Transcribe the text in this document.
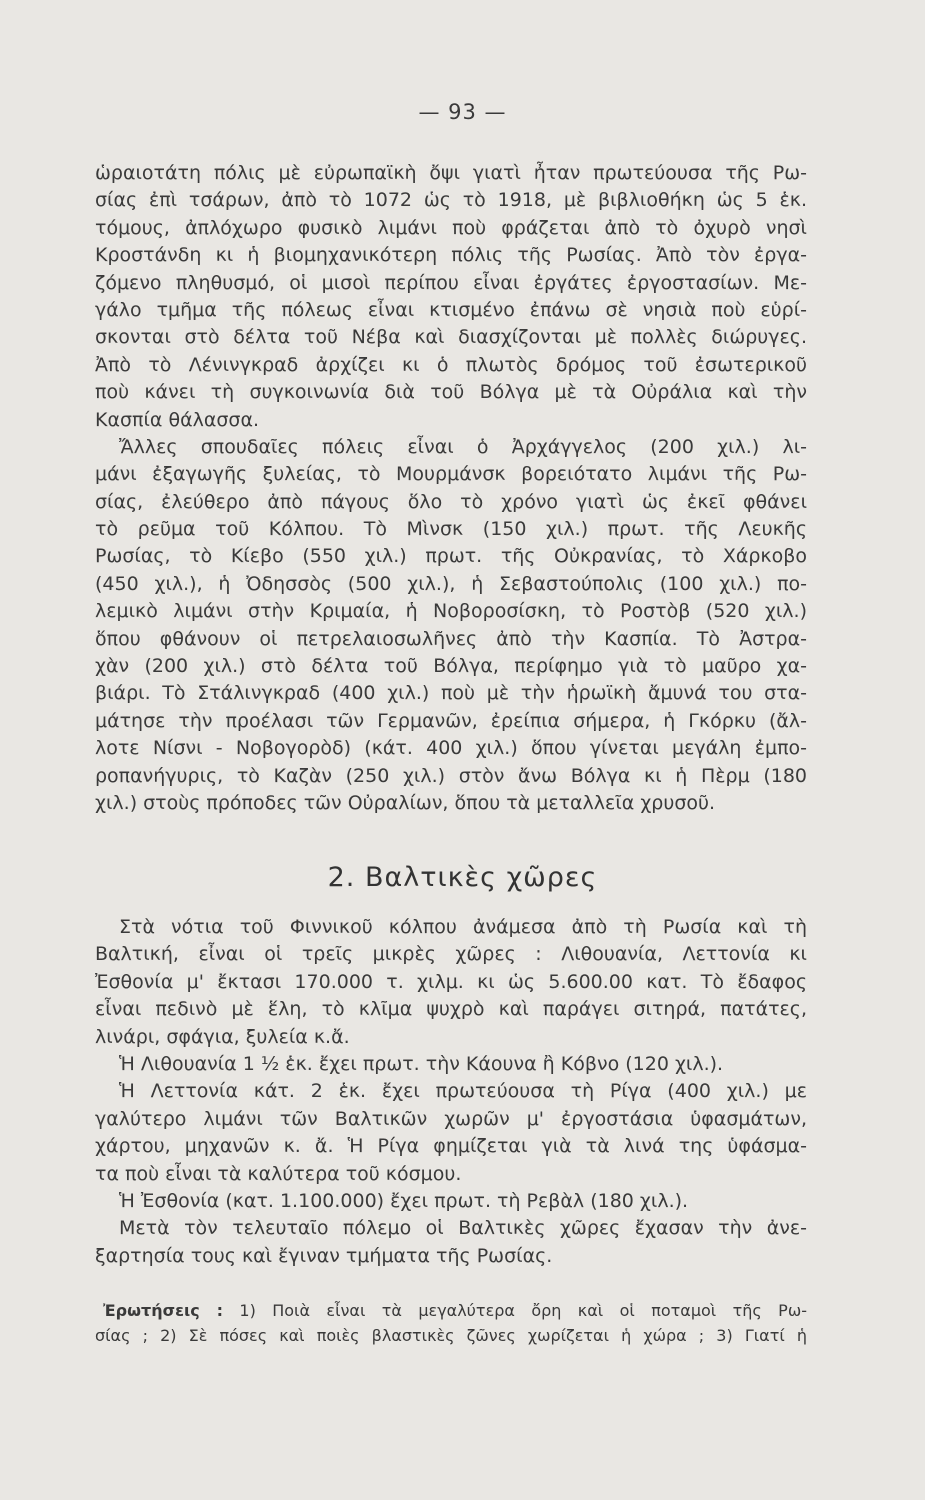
— 93 —
ὡραιοτάτη πόλις μὲ εὐρωπαϊκὴ ὄψι γιατὶ ἦταν πρωτεύουσα τῆς Ρω-
σίας ἐπὶ τσάρων, ἀπὸ τὸ 1072 ὡς τὸ 1918, μὲ βιβλιοθήκη ὡς 5 ἑκ.
τόμους, ἀπλόχωρο φυσικὸ λιμάνι ποὺ φράζεται ἀπὸ τὸ ὀχυρὸ νησὶ
Κροστάνδη κι ἡ βιομηχανικότερη πόλις τῆς Ρωσίας. Ἀπὸ τὸν ἐργα-
ζόμενο πληθυσμό, οἱ μισοὶ περίπου εἶναι ἐργάτες ἐργοστασίων. Με-
γάλο τμῆμα τῆς πόλεως εἶναι κτισμένο ἐπάνω σὲ νησιὰ ποὺ εὑρί-
σκονται στὸ δέλτα τοῦ Νέβα καὶ διασχίζονται μὲ πολλὲς διώρυγες.
Ἀπὸ τὸ Λένινγκραδ ἀρχίζει κι ὁ πλωτὸς δρόμος τοῦ ἐσωτερικοῦ
ποὺ κάνει τὴ συγκοινωνία διὰ τοῦ Βόλγα μὲ τὰ Οὐράλια καὶ τὴν
Κασπία θάλασσα.
Ἄλλες σπουδαῖες πόλεις εἶναι ὁ Ἀρχάγγελος (200 χιλ.) λι-
μάνι ἐξαγωγῆς ξυλείας, τὸ Μουρμάνσκ βορειότατο λιμάνι τῆς Ρω-
σίας, ἐλεύθερο ἀπὸ πάγους ὅλο τὸ χρόνο γιατὶ ὡς ἐκεῖ φθάνει
τὸ ρεῦμα τοῦ Κόλπου. Τὸ Μὶνσκ (150 χιλ.) πρωτ. τῆς Λευκῆς
Ρωσίας, τὸ Κίεβο (550 χιλ.) πρωτ. τῆς Οὐκρανίας, τὸ Χάρκοβο
(450 χιλ.), ἡ Ὀδησσὸς (500 χιλ.), ἡ Σεβαστούπολις (100 χιλ.) πο-
λεμικὸ λιμάνι στὴν Κριμαία, ἡ Νοβοροσίσκη, τὸ Ροστὸβ (520 χιλ.)
ὅπου φθάνουν οἱ πετρελαιοσωλῆνες ἀπὸ τὴν Κασπία. Τὸ Ἀστρα-
χὰν (200 χιλ.) στὸ δέλτα τοῦ Βόλγα, περίφημο γιὰ τὸ μαῦρο χα-
βιάρι. Τὸ Στάλινγκραδ (400 χιλ.) ποὺ μὲ τὴν ἡρωϊκὴ ἄμυνά του στα-
μάτησε τὴν προέλασι τῶν Γερμανῶν, ἐρείπια σήμερα, ἡ Γκόρκυ (ἄλ-
λοτε Νίσνι - Νοβογορὸδ) (κάτ. 400 χιλ.) ὅπου γίνεται μεγάλη ἐμπο-
ροπανήγυρις, τὸ Καζὰν (250 χιλ.) στὸν ἄνω Βόλγα κι ἡ Πὲρμ (180
χιλ.) στοὺς πρόποδες τῶν Οὐραλίων, ὅπου τὰ μεταλλεῖα χρυσοῦ.
2. Βαλτικὲς χῶρες
Στὰ νότια τοῦ Φιννικοῦ κόλπου ἀνάμεσα ἀπὸ τὴ Ρωσία καὶ τὴ
Βαλτική, εἶναι οἱ τρεῖς μικρὲς χῶρες : Λιθουανία, Λεττονία κι
Ἐσθονία μ' ἔκτασι 170.000 τ. χιλμ. κι ὡς 5.600.00 κατ. Τὸ ἔδαφος
εἶναι πεδινὸ μὲ ἕλη, τὸ κλῖμα ψυχρὸ καὶ παράγει σιτηρά, πατάτες,
λινάρι, σφάγια, ξυλεία κ.ἄ.
Ἡ Λιθουανία 1 ½ ἑκ. ἔχει πρωτ. τὴν Κάουνα ἢ Κόβνο (120 χιλ.).
Ἡ Λεττονία κάτ. 2 ἑκ. ἔχει πρωτεύουσα τὴ Ρίγα (400 χιλ.) με
γαλύτερο λιμάνι τῶν Βαλτικῶν χωρῶν μ' ἐργοστάσια ὑφασμάτων,
χάρτου, μηχανῶν κ. ἄ. Ἡ Ρίγα φημίζεται γιὰ τὰ λινά της ὑφάσμα-
τα ποὺ εἶναι τὰ καλύτερα τοῦ κόσμου.
Ἡ Ἐσθονία (κατ. 1.100.000) ἔχει πρωτ. τὴ Ρεβὰλ (180 χιλ.).
Μετὰ τὸν τελευταῖο πόλεμο οἱ Βαλτικὲς χῶρες ἔχασαν τὴν ἀνε-
ξαρτησία τους καὶ ἔγιναν τμήματα τῆς Ρωσίας.
Ἐρωτήσεις : 1) Ποιὰ εἶναι τὰ μεγαλύτερα ὄρη καὶ οἱ ποταμοὶ τῆς Ρω-
σίας ; 2) Σὲ πόσες καὶ ποιὲς βλαστικὲς ζῶνες χωρίζεται ἡ χώρα ; 3) Γιατί ἡ
